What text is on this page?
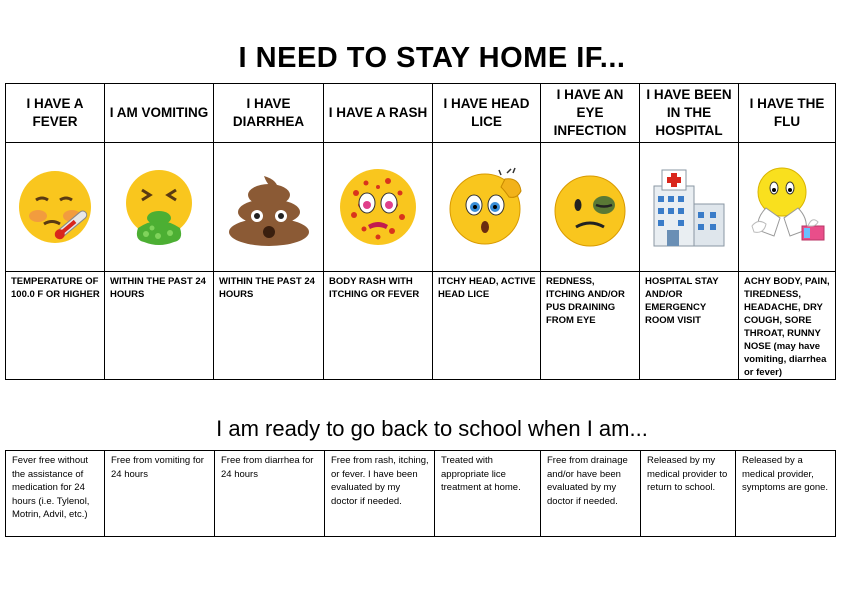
I NEED TO STAY HOME IF...
I HAVE A FEVER	I AM VOMITING	I HAVE DIARRHEA	I HAVE A RASH	I HAVE HEAD LICE	I HAVE AN EYE INFECTION	I HAVE BEEN IN THE HOSPITAL	I HAVE THE FLU

TEMPERATURE OF 100.0 F OR HIGHER	WITHIN THE PAST 24 HOURS	WITHIN THE PAST 24 HOURS	BODY RASH WITH ITCHING OR FEVER	ITCHY HEAD, ACTIVE HEAD LICE	REDNESS, ITCHING AND/OR PUS DRAINING FROM EYE	HOSPITAL STAY AND/OR EMERGENCY ROOM VISIT	ACHY BODY, PAIN, TIREDNESS, HEADACHE, DRY COUGH, SORE THROAT, RUNNY NOSE (may have vomiting, diarrhea or fever)
I am ready to go back to school when I am...
Fever free without the assistance of medication for 24 hours (i.e. Tylenol, Motrin, Advil, etc.)	Free from vomiting for 24 hours	Free from diarrhea for 24 hours	Free from rash, itching, or fever. I have been evaluated by my doctor if needed.	Treated with appropriate lice treatment at home.	Free from drainage and/or have been evaluated by my doctor if needed.	Released by my medical provider to return to school.	Released by a medical provider, symptoms are gone.
